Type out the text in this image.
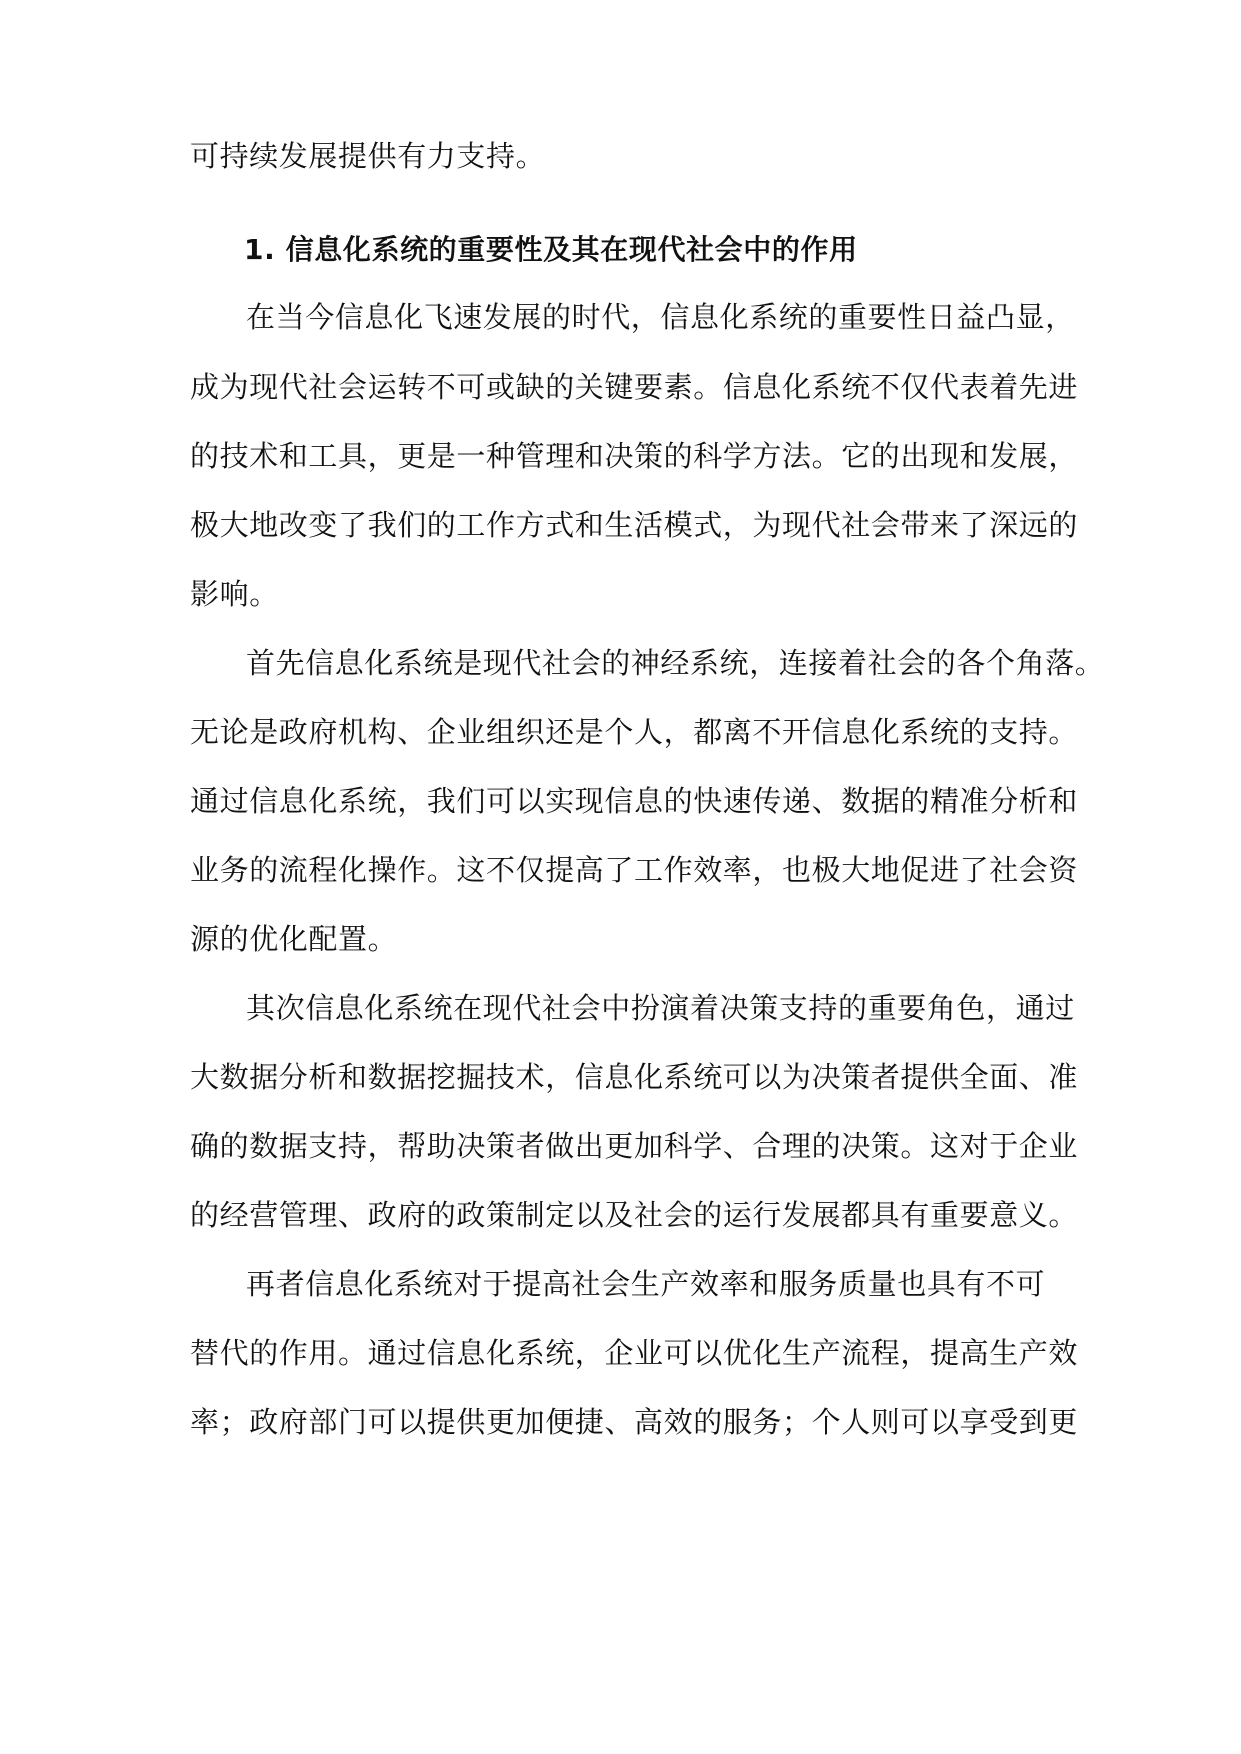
可持续发展提供有力支持。
1. 信息化系统的重要性及其在现代社会中的作用
在当今信息化飞速发展的时代，信息化系统的重要性日益凸显，
成为现代社会运转不可或缺的关键要素。信息化系统不仅代表着先进
的技术和工具，更是一种管理和决策的科学方法。它的出现和发展，
极大地改变了我们的工作方式和生活模式，为现代社会带来了深远的
影响。
首先信息化系统是现代社会的神经系统，连接着社会的各个角落。
无论是政府机构、企业组织还是个人，都离不开信息化系统的支持。
通过信息化系统，我们可以实现信息的快速传递、数据的精准分析和
业务的流程化操作。这不仅提高了工作效率，也极大地促进了社会资
源的优化配置。
其次信息化系统在现代社会中扮演着决策支持的重要角色，通过
大数据分析和数据挖掘技术，信息化系统可以为决策者提供全面、准
确的数据支持，帮助决策者做出更加科学、合理的决策。这对于企业
的经营管理、政府的政策制定以及社会的运行发展都具有重要意义。
再者信息化系统对于提高社会生产效率和服务质量也具有不可
替代的作用。通过信息化系统，企业可以优化生产流程，提高生产效
率；政府部门可以提供更加便捷、高效的服务；个人则可以享受到更
